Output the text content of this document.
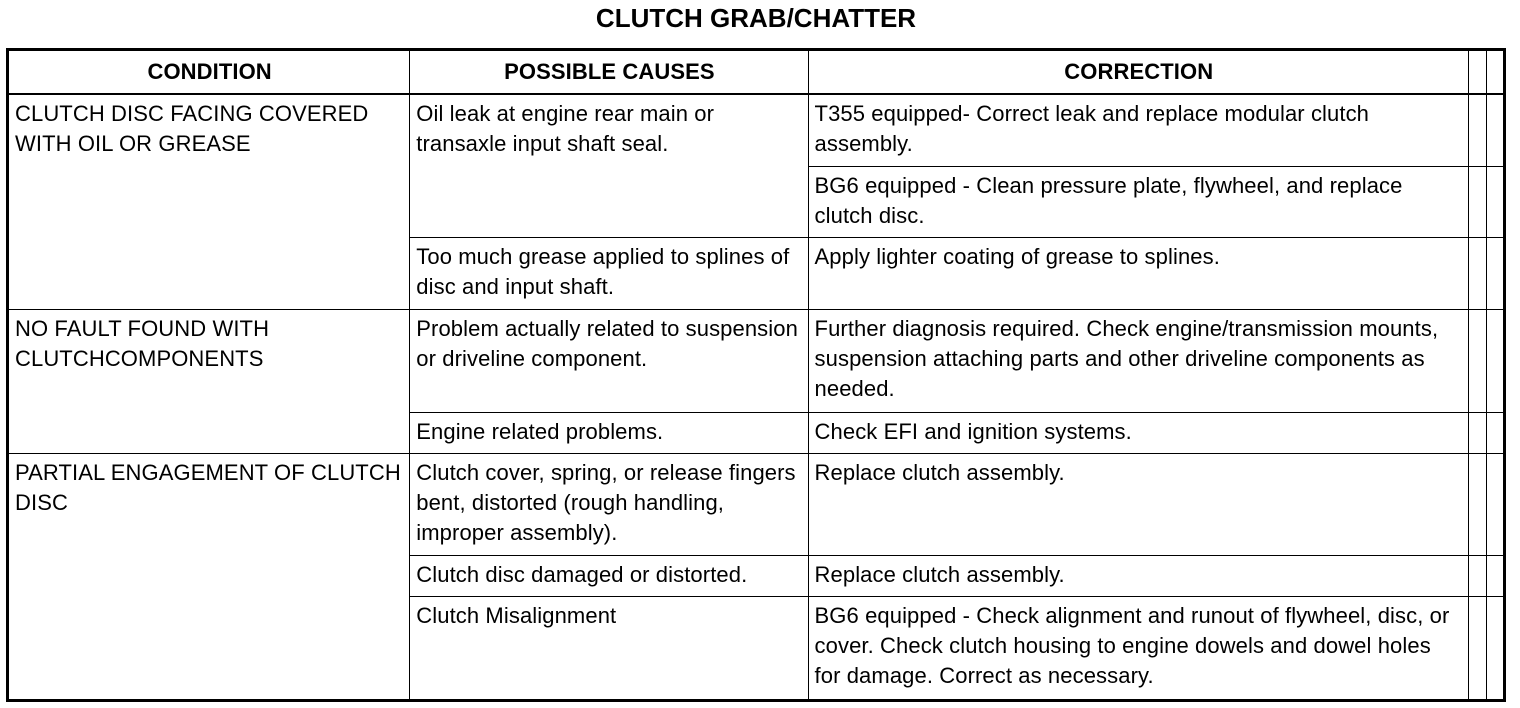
CLUTCH GRAB/CHATTER
CONDITION	POSSIBLE CAUSES	CORRECTION		
CLUTCH DISC FACING COVERED WITH OIL OR GREASE	Oil leak at engine rear main or transaxle input shaft seal.	T355 equipped- Correct leak and replace modular clutch assembly.		
		BG6 equipped - Clean pressure plate, flywheel, and replace clutch disc.		
	Too much grease applied to splines of disc and input shaft.	Apply lighter coating of grease to splines.		
NO FAULT FOUND WITH CLUTCHCOMPONENTS	Problem actually related to suspension or driveline component.	Further diagnosis required. Check engine/transmission mounts, suspension attaching parts and other driveline components as needed.		
	Engine related problems.	Check EFI and ignition systems.		
PARTIAL ENGAGEMENT OF CLUTCH DISC	Clutch cover, spring, or release fingers bent, distorted (rough handling, improper assembly).	Replace clutch assembly.		
	Clutch disc damaged or distorted.	Replace clutch assembly.		
	Clutch Misalignment	BG6 equipped - Check alignment and runout of flywheel, disc, or cover. Check clutch housing to engine dowels and dowel holes for damage. Correct as necessary.		
